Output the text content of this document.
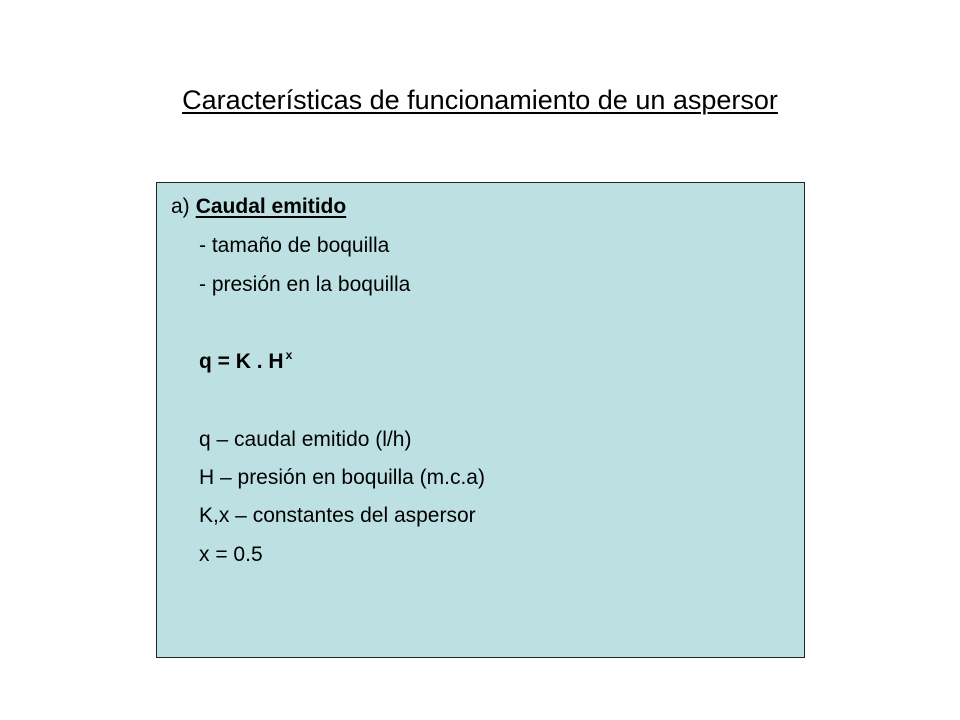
Características de funcionamiento de un aspersor
a) Caudal emitido
- tamaño de boquilla
- presión en la boquilla
q = K . H $^x$
q – caudal emitido (l/h)
H – presión en boquilla (m.c.a)
K,x – constantes del aspersor
x = 0.5
